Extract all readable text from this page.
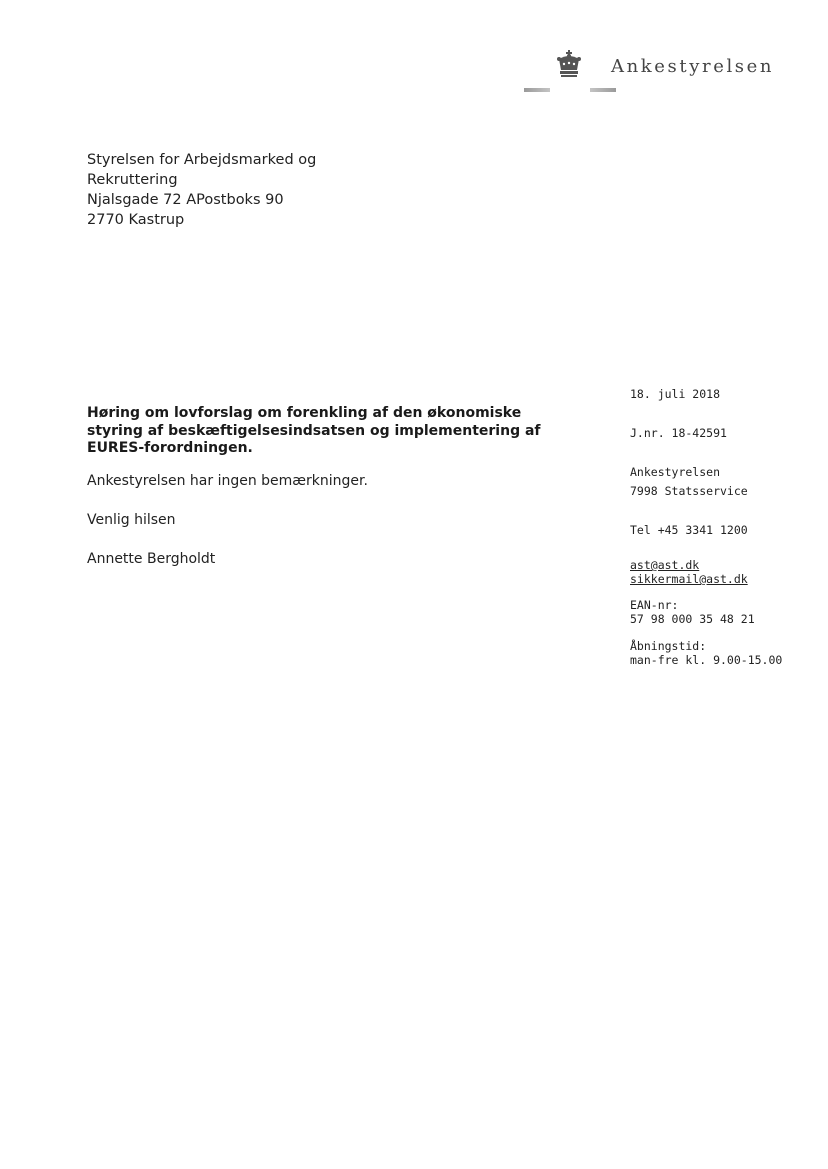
Ankestyrelsen
Styrelsen for Arbejdsmarked og
Rekruttering
Njalsgade 72 APostboks 90
2770 Kastrup
18. juli 2018
J.nr. 18-42591
Ankestyrelsen
7998 Statsservice
Tel +45 3341 1200
ast@ast.dk
sikkermail@ast.dk
EAN-nr:
57 98 000 35 48 21
Åbningstid:
man-fre kl. 9.00-15.00
Høring om lovforslag om forenkling af den økonomiske styring af beskæftigelsesindsatsen og implementering af EURES-forordningen.
Ankestyrelsen har ingen bemærkninger.
Venlig hilsen
Annette Bergholdt
